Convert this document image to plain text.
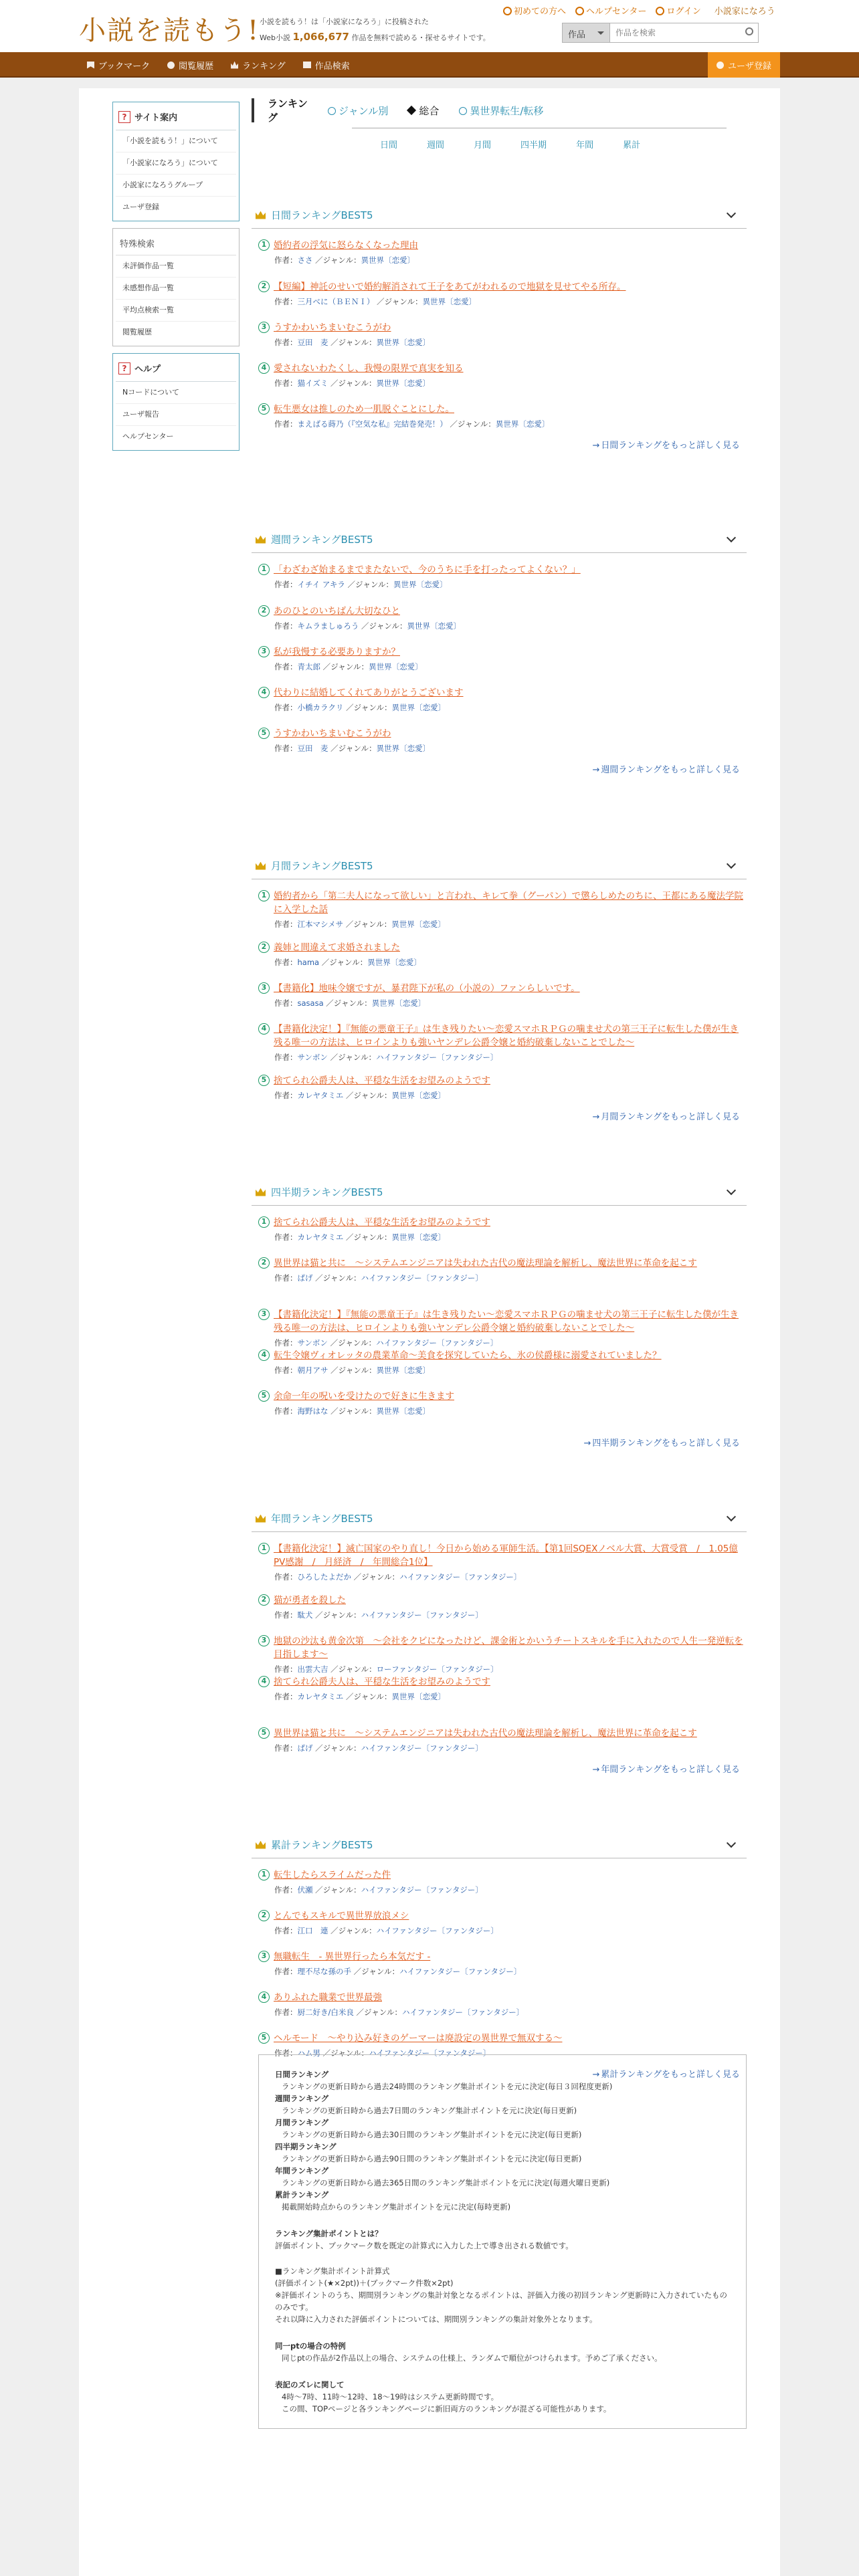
小説を読もう! 小説を読もう！は「小説家になろう」に投稿された
Web小説 1,066,677 作品を無料で読める・探せるサイトです。
初めての方へ	ヘルプセンター	ログイン 小説家になろう
作品
作品を検索
ブックマーク	閲覧履歴	ランキング	作品検索	ユーザ登録
? サイト案内
「小説を読もう！」について
「小説家になろう」について
小説家になろうグループ
ユーザ登録
特殊検索
未評価作品一覧
未感想作品一覧
平均点検索一覧
閲覧履歴
? ヘルプ
Nコードについて
ユーザ報告
ヘルプセンター
ランキング
ジャンル別	総合	異世界転生/転移
日間	週間	月間	四半期	年間	累計
日間ランキングBEST5
1 婚約者の浮気に怒らなくなった理由
作者：ささ ／ジャンル：異世界〔恋愛〕
2 【短編】神託のせいで婚約解消されて王子をあてがわれるので地獄を見せてやる所存。
作者：三月べに（ＢＥＮＩ） ／ジャンル：異世界〔恋愛〕
3 うすかわいちまいむこうがわ
作者：豆田　麦 ／ジャンル：異世界〔恋愛〕
4 愛されないわたくし、我慢の限界で真実を知る
作者：猫イズミ ／ジャンル：異世界〔恋愛〕
5 転生悪女は推しのため一肌脱ぐことにした。
作者：まえばる蒔乃（『空気な私』完結巻発売！） ／ジャンル：異世界〔恋愛〕
→ 日間ランキングをもっと詳しく見る
週間ランキングBEST5
1 「わざわざ始まるまでまたないで、今のうちに手を打ったってよくない？」
作者：イチイ アキラ ／ジャンル：異世界〔恋愛〕
2 あのひとのいちばん大切なひと
作者：キムラましゅろう ／ジャンル：異世界〔恋愛〕
3 私が我慢する必要ありますか？
作者：青太郎 ／ジャンル：異世界〔恋愛〕
4 代わりに結婚してくれてありがとうございます
作者：小橋カラクリ ／ジャンル：異世界〔恋愛〕
5 うすかわいちまいむこうがわ
作者：豆田　麦 ／ジャンル：異世界〔恋愛〕
→ 週間ランキングをもっと詳しく見る
月間ランキングBEST5
1 婚約者から「第二夫人になって欲しい」と言われ、キレて拳（グーパン）で懲らしめたのちに、王都にある魔法学院に入学した話
作者：江本マシメサ ／ジャンル：異世界〔恋愛〕
2 義姉と間違えて求婚されました
作者：hama ／ジャンル：異世界〔恋愛〕
3 【書籍化】地味令嬢ですが、暴君陛下が私の（小説の）ファンらしいです。
作者：sasasa ／ジャンル：異世界〔恋愛〕
4 【書籍化決定！】『無能の悪童王子』は生き残りたい〜恋愛スマホＲＰＧの噛ませ犬の第三王子に転生した僕が生き残る唯一の方法は、ヒロインよりも強いヤンデレ公爵令嬢と婚約破棄しないことでした〜
作者：サンボン ／ジャンル：ハイファンタジー〔ファンタジー〕
5 捨てられ公爵夫人は、平穏な生活をお望みのようです
作者：カレヤタミエ ／ジャンル：異世界〔恋愛〕
→ 月間ランキングをもっと詳しく見る
四半期ランキングBEST5
1 捨てられ公爵夫人は、平穏な生活をお望みのようです
作者：カレヤタミエ ／ジャンル：異世界〔恋愛〕
2 異世界は猫と共に　〜システムエンジニアは失われた古代の魔法理論を解析し、魔法世界に革命を起こす
作者：ぱげ ／ジャンル：ハイファンタジー〔ファンタジー〕
3 【書籍化決定！】『無能の悪童王子』は生き残りたい〜恋愛スマホＲＰＧの噛ませ犬の第三王子に転生した僕が生き残る唯一の方法は、ヒロインよりも強いヤンデレ公爵令嬢と婚約破棄しないことでした〜
作者：サンボン ／ジャンル：ハイファンタジー〔ファンタジー〕
4 転生令嬢ヴィオレッタの農業革命〜美食を探究していたら、氷の侯爵様に溺愛されていました？
作者：朝月アサ ／ジャンル：異世界〔恋愛〕
5 余命一年の呪いを受けたので好きに生きます
作者：海野はな ／ジャンル：異世界〔恋愛〕
→ 四半期ランキングをもっと詳しく見る
年間ランキングBEST5
1 【書籍化決定！】滅亡国家のやり直し！今日から始める軍師生活。【第1回SQEXノベル大賞、大賞受賞　/　1.05億PV感謝　/　月経済　/　年間総合1位】
作者：ひろしたよだか ／ジャンル：ハイファンタジー〔ファンタジー〕
2 猫が勇者を殺した
作者：駄犬 ／ジャンル：ハイファンタジー〔ファンタジー〕
3 地獄の沙汰も黄金次第　〜会社をクビになったけど、課金術とかいうチートスキルを手に入れたので人生一発逆転を目指します〜
作者：出雲大吉 ／ジャンル：ローファンタジー〔ファンタジー〕
4 捨てられ公爵夫人は、平穏な生活をお望みのようです
作者：カレヤタミエ ／ジャンル：異世界〔恋愛〕
5 異世界は猫と共に　〜システムエンジニアは失われた古代の魔法理論を解析し、魔法世界に革命を起こす
作者：ぱげ ／ジャンル：ハイファンタジー〔ファンタジー〕
→ 年間ランキングをもっと詳しく見る
累計ランキングBEST5
1 転生したらスライムだった件
作者：伏瀬 ／ジャンル：ハイファンタジー〔ファンタジー〕
2 とんでもスキルで異世界放浪メシ
作者：江口　連 ／ジャンル：ハイファンタジー〔ファンタジー〕
3 無職転生　- 異世界行ったら本気だす -
作者：理不尽な孫の手 ／ジャンル：ハイファンタジー〔ファンタジー〕
4 ありふれた職業で世界最強
作者：厨二好き/白米良 ／ジャンル：ハイファンタジー〔ファンタジー〕
5 ヘルモード　〜やり込み好きのゲーマーは廃設定の異世界で無双する〜
作者：ハム男 ／ジャンル：ハイファンタジー〔ファンタジー〕
→ 累計ランキングをもっと詳しく見る
日間ランキング
ランキングの更新日時から過去24時間のランキング集計ポイントを元に決定(毎日３回程度更新)
週間ランキング
ランキングの更新日時から過去7日間のランキング集計ポイントを元に決定(毎日更新)
月間ランキング
ランキングの更新日時から過去30日間のランキング集計ポイントを元に決定(毎日更新)
四半期ランキング
ランキングの更新日時から過去90日間のランキング集計ポイントを元に決定(毎日更新)
年間ランキング
ランキングの更新日時から過去365日間のランキング集計ポイントを元に決定(毎週火曜日更新)
累計ランキング
掲載開始時点からのランキング集計ポイントを元に決定(毎時更新)
ランキング集計ポイントとは？
評価ポイント、ブックマーク数を既定の計算式に入力した上で導き出される数値です。
■ランキング集計ポイント計算式
(評価ポイント(★×2pt))＋(ブックマーク件数×2pt)
※評価ポイントのうち、期間別ランキングの集計対象となるポイントは、評価入力後の初回ランキング更新時に入力されていたもののみです。
それ以降に入力された評価ポイントについては、期間別ランキングの集計対象外となります。
同一ptの場合の特例
同じptの作品が2作品以上の場合、システムの仕様上、ランダムで順位がつけられます。予めご了承ください。
表記のズレに関して
4時〜7時、11時〜12時、18〜19時はシステム更新時間です。
この間、TOPページと各ランキングページに新旧両方のランキングが混ざる可能性があります。
